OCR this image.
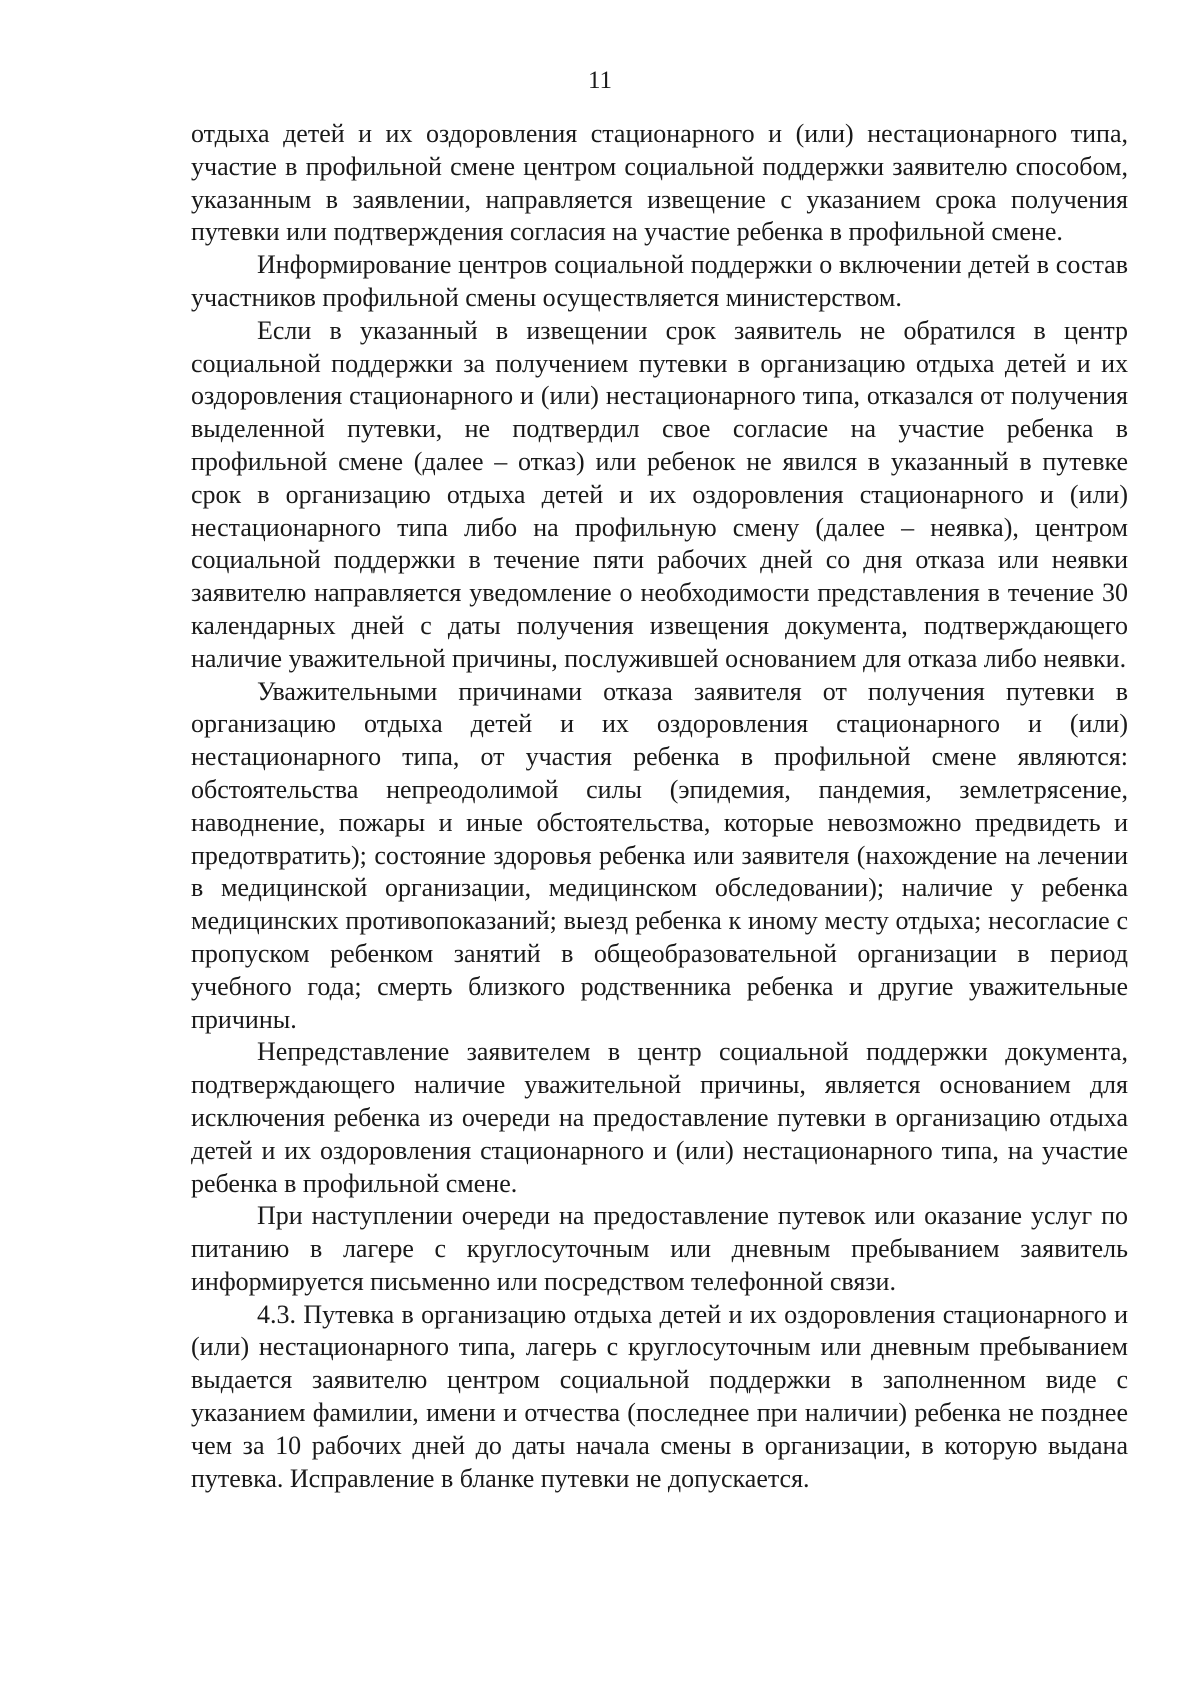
11

отдыха детей и их оздоровления стационарного и (или) нестационарного типа, участие в профильной смене центром социальной поддержки заявителю способом, указанным в заявлении, направляется извещение с указанием срока получения путевки или подтверждения согласия на участие ребенка в профильной смене.

Информирование центров социальной поддержки о включении детей в состав участников профильной смены осуществляется министерством.

Если в указанный в извещении срок заявитель не обратился в центр социальной поддержки за получением путевки в организацию отдыха детей и их оздоровления стационарного и (или) нестационарного типа, отказался от получения выделенной путевки, не подтвердил свое согласие на участие ребенка в профильной смене (далее – отказ) или ребенок не явился в указанный в путевке срок в организацию отдыха детей и их оздоровления стационарного и (или) нестационарного типа либо на профильную смену (далее – неявка), центром социальной поддержки в течение пяти рабочих дней со дня отказа или неявки заявителю направляется уведомление о необходимости представления в течение 30 календарных дней с даты получения извещения документа, подтверждающего наличие уважительной причины, послужившей основанием для отказа либо неявки.

Уважительными причинами отказа заявителя от получения путевки в организацию отдыха детей и их оздоровления стационарного и (или) нестационарного типа, от участия ребенка в профильной смене являются: обстоятельства непреодолимой силы (эпидемия, пандемия, землетрясение, наводнение, пожары и иные обстоятельства, которые невозможно предвидеть и предотвратить); состояние здоровья ребенка или заявителя (нахождение на лечении в медицинской организации, медицинском обследовании); наличие у ребенка медицинских противопоказаний; выезд ребенка к иному месту отдыха; несогласие с пропуском ребенком занятий в общеобразовательной организации в период учебного года; смерть близкого родственника ребенка и другие уважительные причины.

Непредставление заявителем в центр социальной поддержки документа, подтверждающего наличие уважительной причины, является основанием для исключения ребенка из очереди на предоставление путевки в организацию отдыха детей и их оздоровления стационарного и (или) нестационарного типа, на участие ребенка в профильной смене.

При наступлении очереди на предоставление путевок или оказание услуг по питанию в лагере с круглосуточным или дневным пребыванием заявитель информируется письменно или посредством телефонной связи.

4.3. Путевка в организацию отдыха детей и их оздоровления стационарного и (или) нестационарного типа, лагерь с круглосуточным или дневным пребыванием выдается заявителю центром социальной поддержки в заполненном виде с указанием фамилии, имени и отчества (последнее при наличии) ребенка не позднее чем за 10 рабочих дней до даты начала смены в организации, в которую выдана путевка. Исправление в бланке путевки не допускается.
